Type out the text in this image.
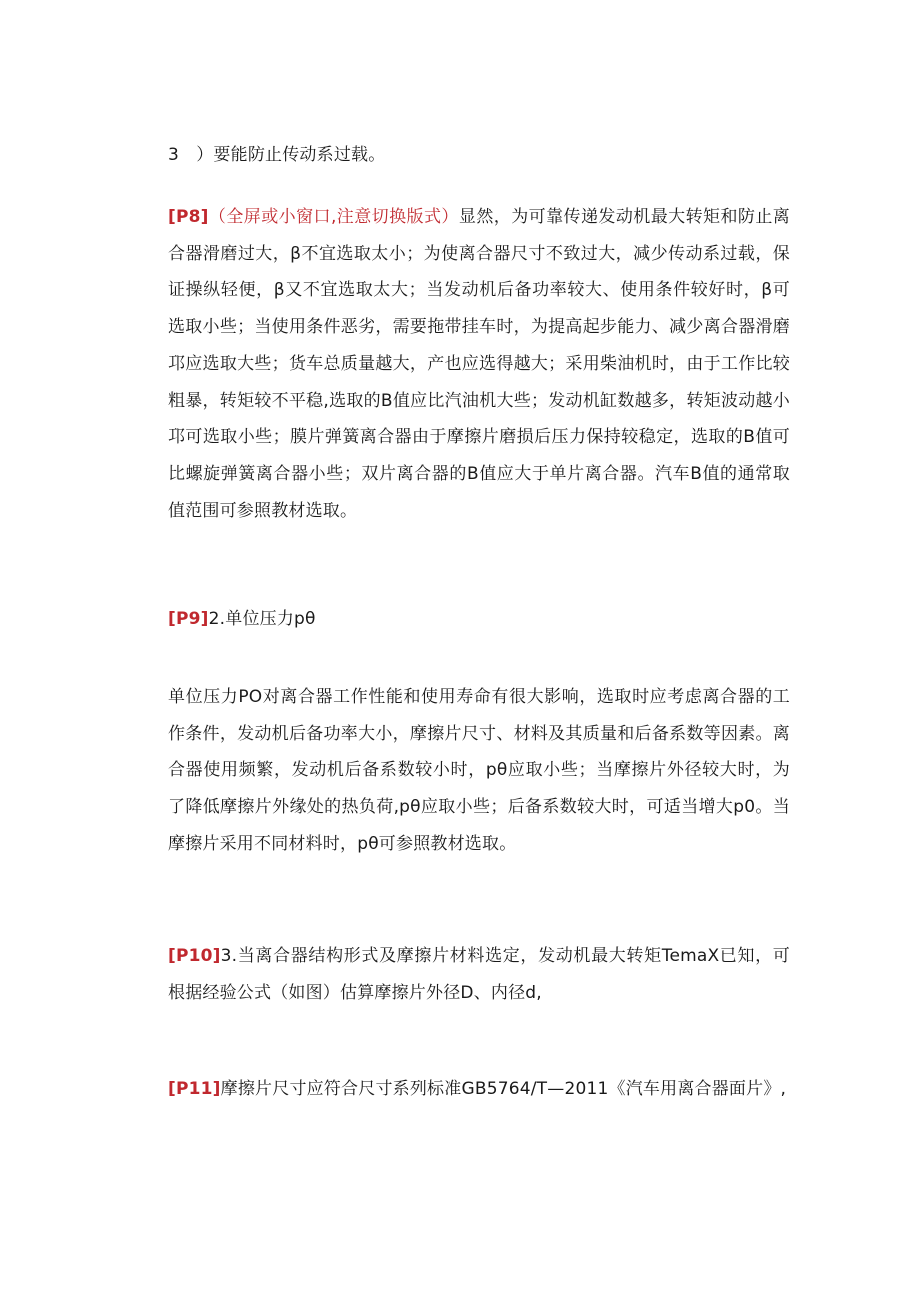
3　）要能防止传动系过载。

[P8]（全屏或小窗口,注意切换版式）显然，为可靠传递发动机最大转矩和防止离合器滑磨过大，β不宜选取太小；为使离合器尺寸不致过大，减少传动系过载，保证操纵轻便，β又不宜选取太大；当发动机后备功率较大、使用条件较好时，β可选取小些；当使用条件恶劣，需要拖带挂车时，为提高起步能力、减少离合器滑磨邛应选取大些；货车总质量越大，产也应选得越大；采用柴油机时，由于工作比较粗暴，转矩较不平稳,选取的Β值应比汽油机大些；发动机缸数越多，转矩波动越小邛可选取小些；膜片弹簧离合器由于摩擦片磨损后压力保持较稳定，选取的Β值可比螺旋弹簧离合器小些；双片离合器的Β值应大于单片离合器。汽车Β值的通常取值范围可参照教材选取。

[P9]2.单位压力pθ

单位压力PO对离合器工作性能和使用寿命有很大影响，选取时应考虑离合器的工作条件，发动机后备功率大小，摩擦片尺寸、材料及其质量和后备系数等因素。离合器使用频繁，发动机后备系数较小时，pθ应取小些；当摩擦片外径较大时，为了降低摩擦片外缘处的热负荷,pθ应取小些；后备系数较大时，可适当增大p0。当摩擦片采用不同材料时，pθ可参照教材选取。

[P10]3.当离合器结构形式及摩擦片材料选定，发动机最大转矩TemaX已知，可根据经验公式（如图）估算摩擦片外径D、内径d,

[P11]摩擦片尺寸应符合尺寸系列标准GB5764/T—2011《汽车用离合器面片》,
